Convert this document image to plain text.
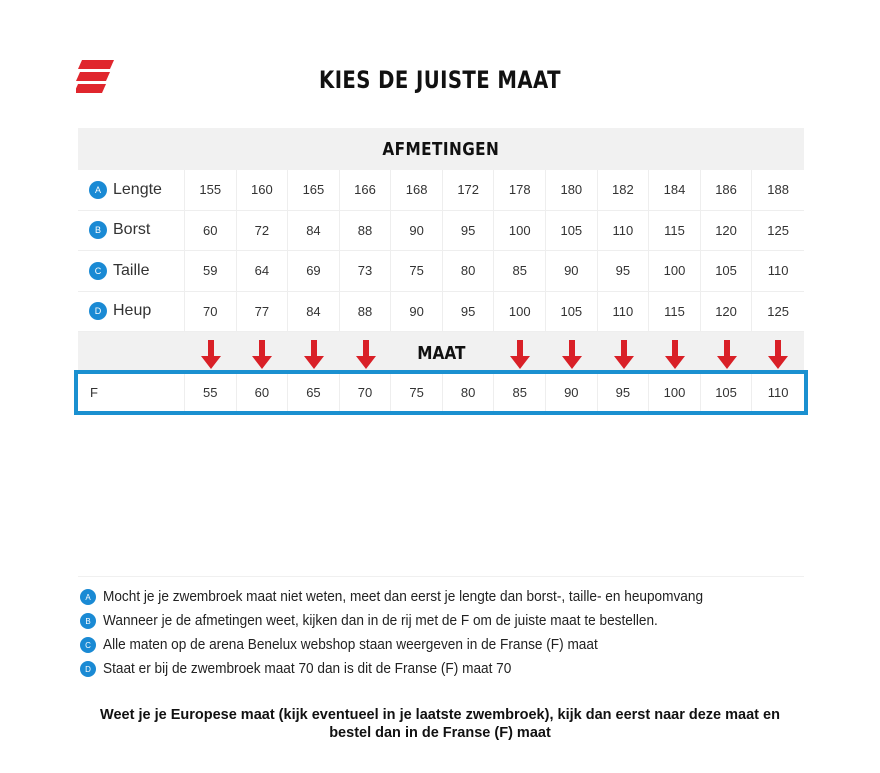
KIES DE JUISTE MAAT
AFMETINGEN
A Lengte	155	160	165	166	168	172	178	180	182	184	186	188
B Borst	60	72	84	88	90	95	100	105	110	115	120	125
C Taille	59	64	69	73	75	80	85	90	95	100	105	110
D Heup	70	77	84	88	90	95	100	105	110	115	120	125
MAAT
F	55	60	65	70	75	80	85	90	95	100	105	110
A Mocht je je zwembroek maat niet weten, meet dan eerst je lengte dan borst-, taille- en heupomvang
B Wanneer je de afmetingen weet, kijken dan in de rij met de F om de juiste maat te bestellen.
C Alle maten op de arena Benelux webshop staan weergeven in de Franse (F) maat
D Staat er bij de zwembroek maat 70 dan is dit de Franse (F) maat 70
Weet je je Europese maat (kijk eventueel in je laatste zwembroek), kijk dan eerst naar deze maat en
bestel dan in de Franse (F) maat
